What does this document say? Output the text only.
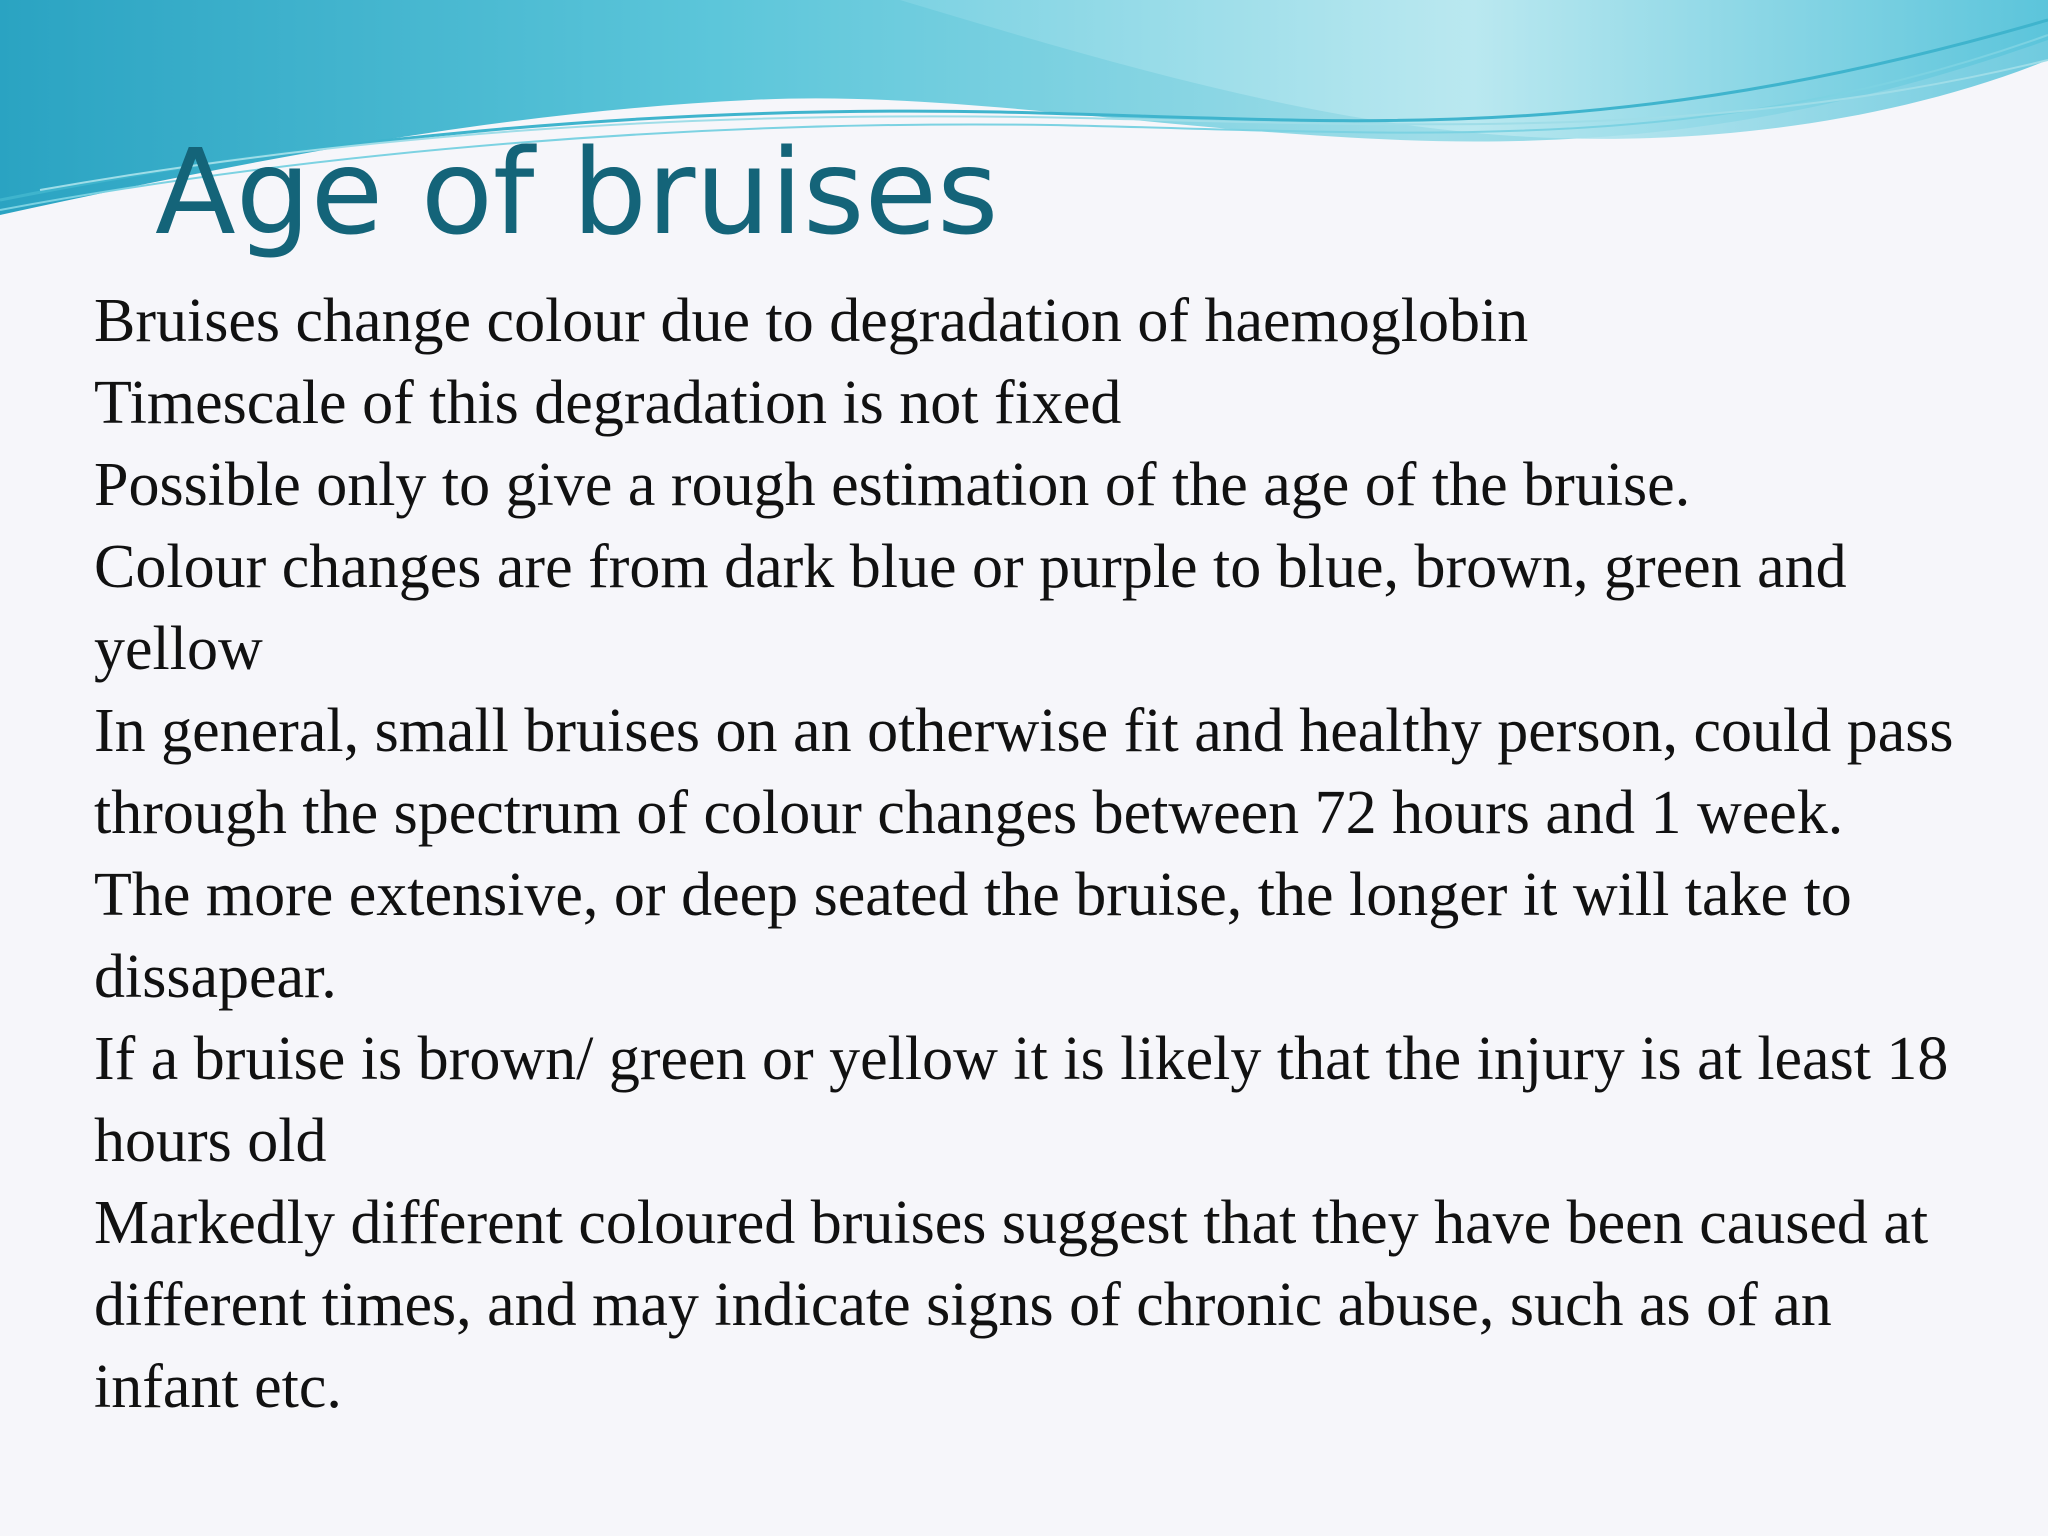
Age of bruises
Bruises change colour due to degradation of haemoglobin
Timescale of this degradation is not fixed
Possible only to give a rough estimation of the age of the bruise.
Colour changes are from dark blue or purple to blue, brown, green and yellow
In general, small bruises on an otherwise fit and healthy person, could pass through the spectrum of colour changes between 72 hours and 1 week.
The more extensive, or deep seated the bruise, the longer it will take to dissapear.
If a bruise is brown/ green or yellow it is likely that the injury is at least 18 hours old
Markedly different coloured bruises suggest that they have been caused at different times, and may indicate signs of chronic abuse, such as of an infant etc.
